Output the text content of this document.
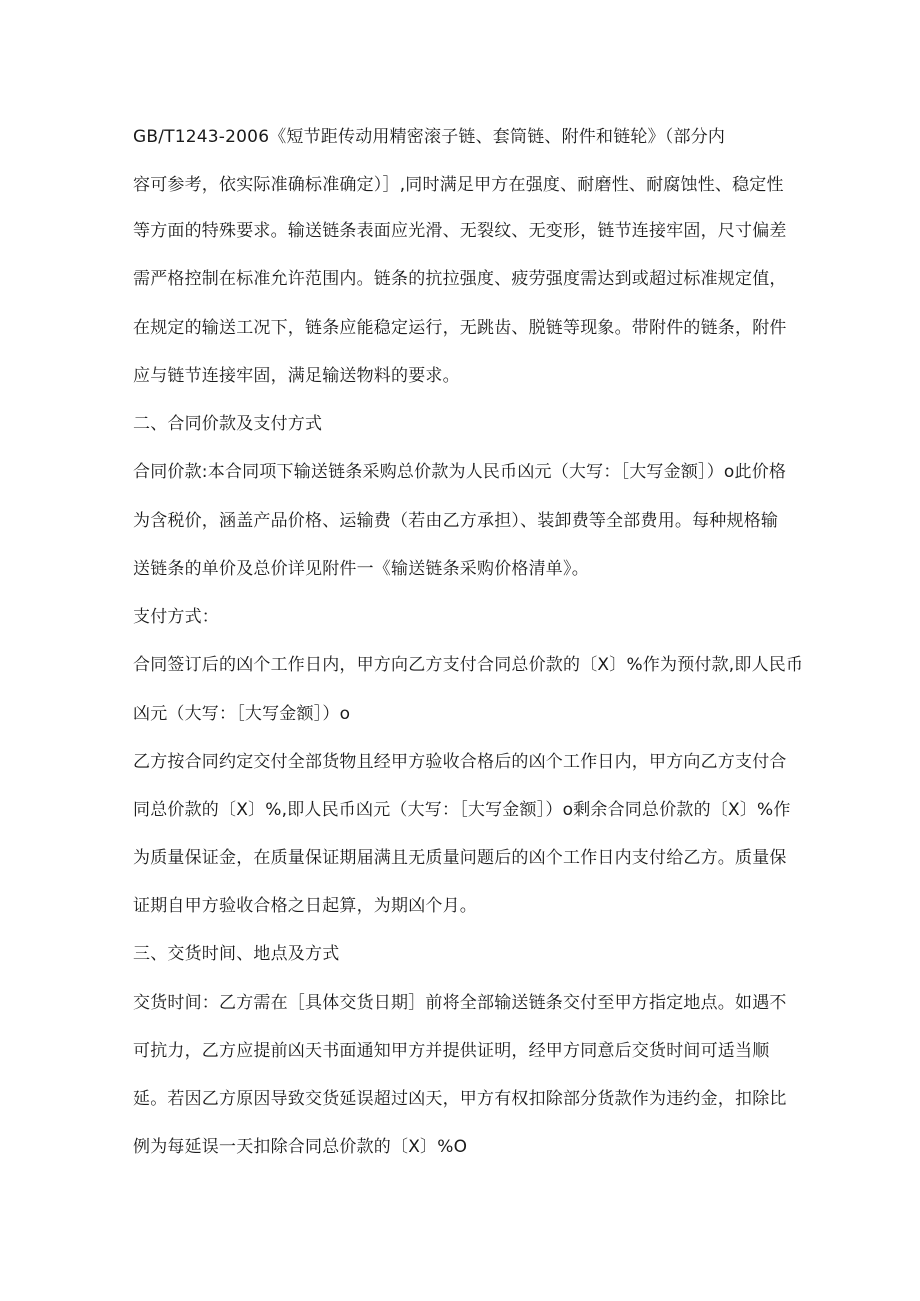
GB/T1243-2006《短节距传动用精密滚子链、套筒链、附件和链轮》（部分内
容可参考，依实际准确标准确定）］,同时满足甲方在强度、耐磨性、耐腐蚀性、稳定性
等方面的特殊要求。输送链条表面应光滑、无裂纹、无变形，链节连接牢固，尺寸偏差
需严格控制在标准允许范围内。链条的抗拉强度、疲劳强度需达到或超过标准规定值，
在规定的输送工况下，链条应能稳定运行，无跳齿、脱链等现象。带附件的链条，附件
应与链节连接牢固，满足输送物料的要求。
二、合同价款及支付方式
合同价款:本合同项下输送链条采购总价款为人民币凶元（大写：［大写金额］）o此价格
为含税价，涵盖产品价格、运输费（若由乙方承担）、装卸费等全部费用。每种规格输
送链条的单价及总价详见附件一《输送链条采购价格清单》。
支付方式：
合同签订后的凶个工作日内，甲方向乙方支付合同总价款的〔X〕%作为预付款,即人民币
凶元（大写：［大写金额］）o
乙方按合同约定交付全部货物且经甲方验收合格后的凶个工作日内，甲方向乙方支付合
同总价款的〔X〕%,即人民币凶元（大写：［大写金额］）o剩余合同总价款的〔X〕%作
为质量保证金，在质量保证期届满且无质量问题后的凶个工作日内支付给乙方。质量保
证期自甲方验收合格之日起算，为期凶个月。
三、交货时间、地点及方式
交货时间：乙方需在［具体交货日期］前将全部输送链条交付至甲方指定地点。如遇不
可抗力，乙方应提前凶天书面通知甲方并提供证明，经甲方同意后交货时间可适当顺
延。若因乙方原因导致交货延误超过凶天，甲方有权扣除部分货款作为违约金，扣除比
例为每延误一天扣除合同总价款的〔X〕%O
